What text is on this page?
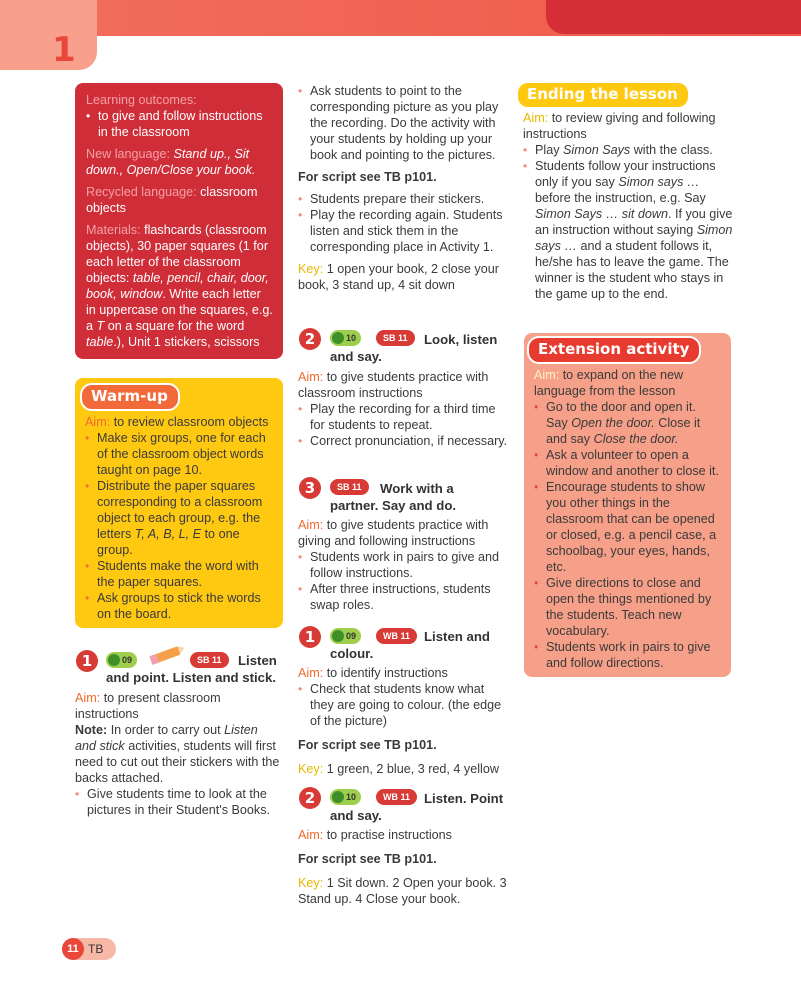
1

Learning outcomes:

• to give and follow instructions in the classroom

New language: Stand up., Sit down., Open/Close your book.

Recycled language: classroom objects

Materials: flashcards (classroom objects), 30 paper squares (1 for each letter of the classroom objects: table, pencil, chair, door, book, window. Write each letter in uppercase on the squares, e.g. a T on a square for the word table.), Unit 1 stickers, scissors

Aim: to review classroom objects

• Make six groups, one for each of the classroom object words taught on page 10.

• Distribute the paper squares corresponding to a classroom object to each group, e.g. the letters T, A, B, L, E to one group.

• Students make the word with the paper squares.

• Ask groups to stick the words on the board.

Warm-up
1	09	SB 11	Listen
and point. Listen and stick.

Aim: to present classroom instructions

Note: In order to carry out Listen and stick activities, students will first need to cut out their stickers with the backs attached.

• Give students time to look at the pictures in their Student's Books.

• Ask students to point to the corresponding picture as you play the recording. Do the activity with your students by holding up your book and pointing to the pictures.

For script see TB p101.

• Students prepare their stickers.

• Play the recording again. Students listen and stick them in the corresponding place in Activity 1.

Key: 1 open your book, 2 close your book, 3 stand up, 4 sit down

2	10	SB 11	Look, listen
and say.

Aim: to give students practice with classroom instructions

• Play the recording for a third time for students to repeat.

• Correct pronunciation, if necessary.

3	SB 11	Work with a
partner. Say and do.

Aim: to give students practice with giving and following instructions

• Students work in pairs to give and follow instructions.

• After three instructions, students swap roles.

1	09	WB 11	Listen and
colour.

Aim: to identify instructions

• Check that students know what they are going to colour. (the edge of the picture)

For script see TB p101.

Key: 1 green, 2 blue, 3 red, 4 yellow

2	10	WB 11	Listen. Point
and say.

Aim: to practise instructions

For script see TB p101.

Key: 1 Sit down. 2 Open your book. 3 Stand up. 4 Close your book.

Ending the lesson

Aim: to review giving and following instructions

• Play Simon Says with the class.

• Students follow your instructions only if you say Simon says … before the instruction, e.g. Say Simon Says … sit down. If you give an instruction without saying Simon says … and a student follows it, he/she has to leave the game. The winner is the student who stays in the game up to the end.

Aim: to expand on the new language from the lesson

• Go to the door and open it. Say Open the door. Close it and say Close the door.

• Ask a volunteer to open a window and another to close it.

• Encourage students to show you other things in the classroom that can be opened or closed, e.g. a pencil case, a schoolbag, your eyes, hands, etc.

• Give directions to close and open the things mentioned by the students. Teach new vocabulary.

• Students work in pairs to give and follow directions.

Extension activity
11 TB
